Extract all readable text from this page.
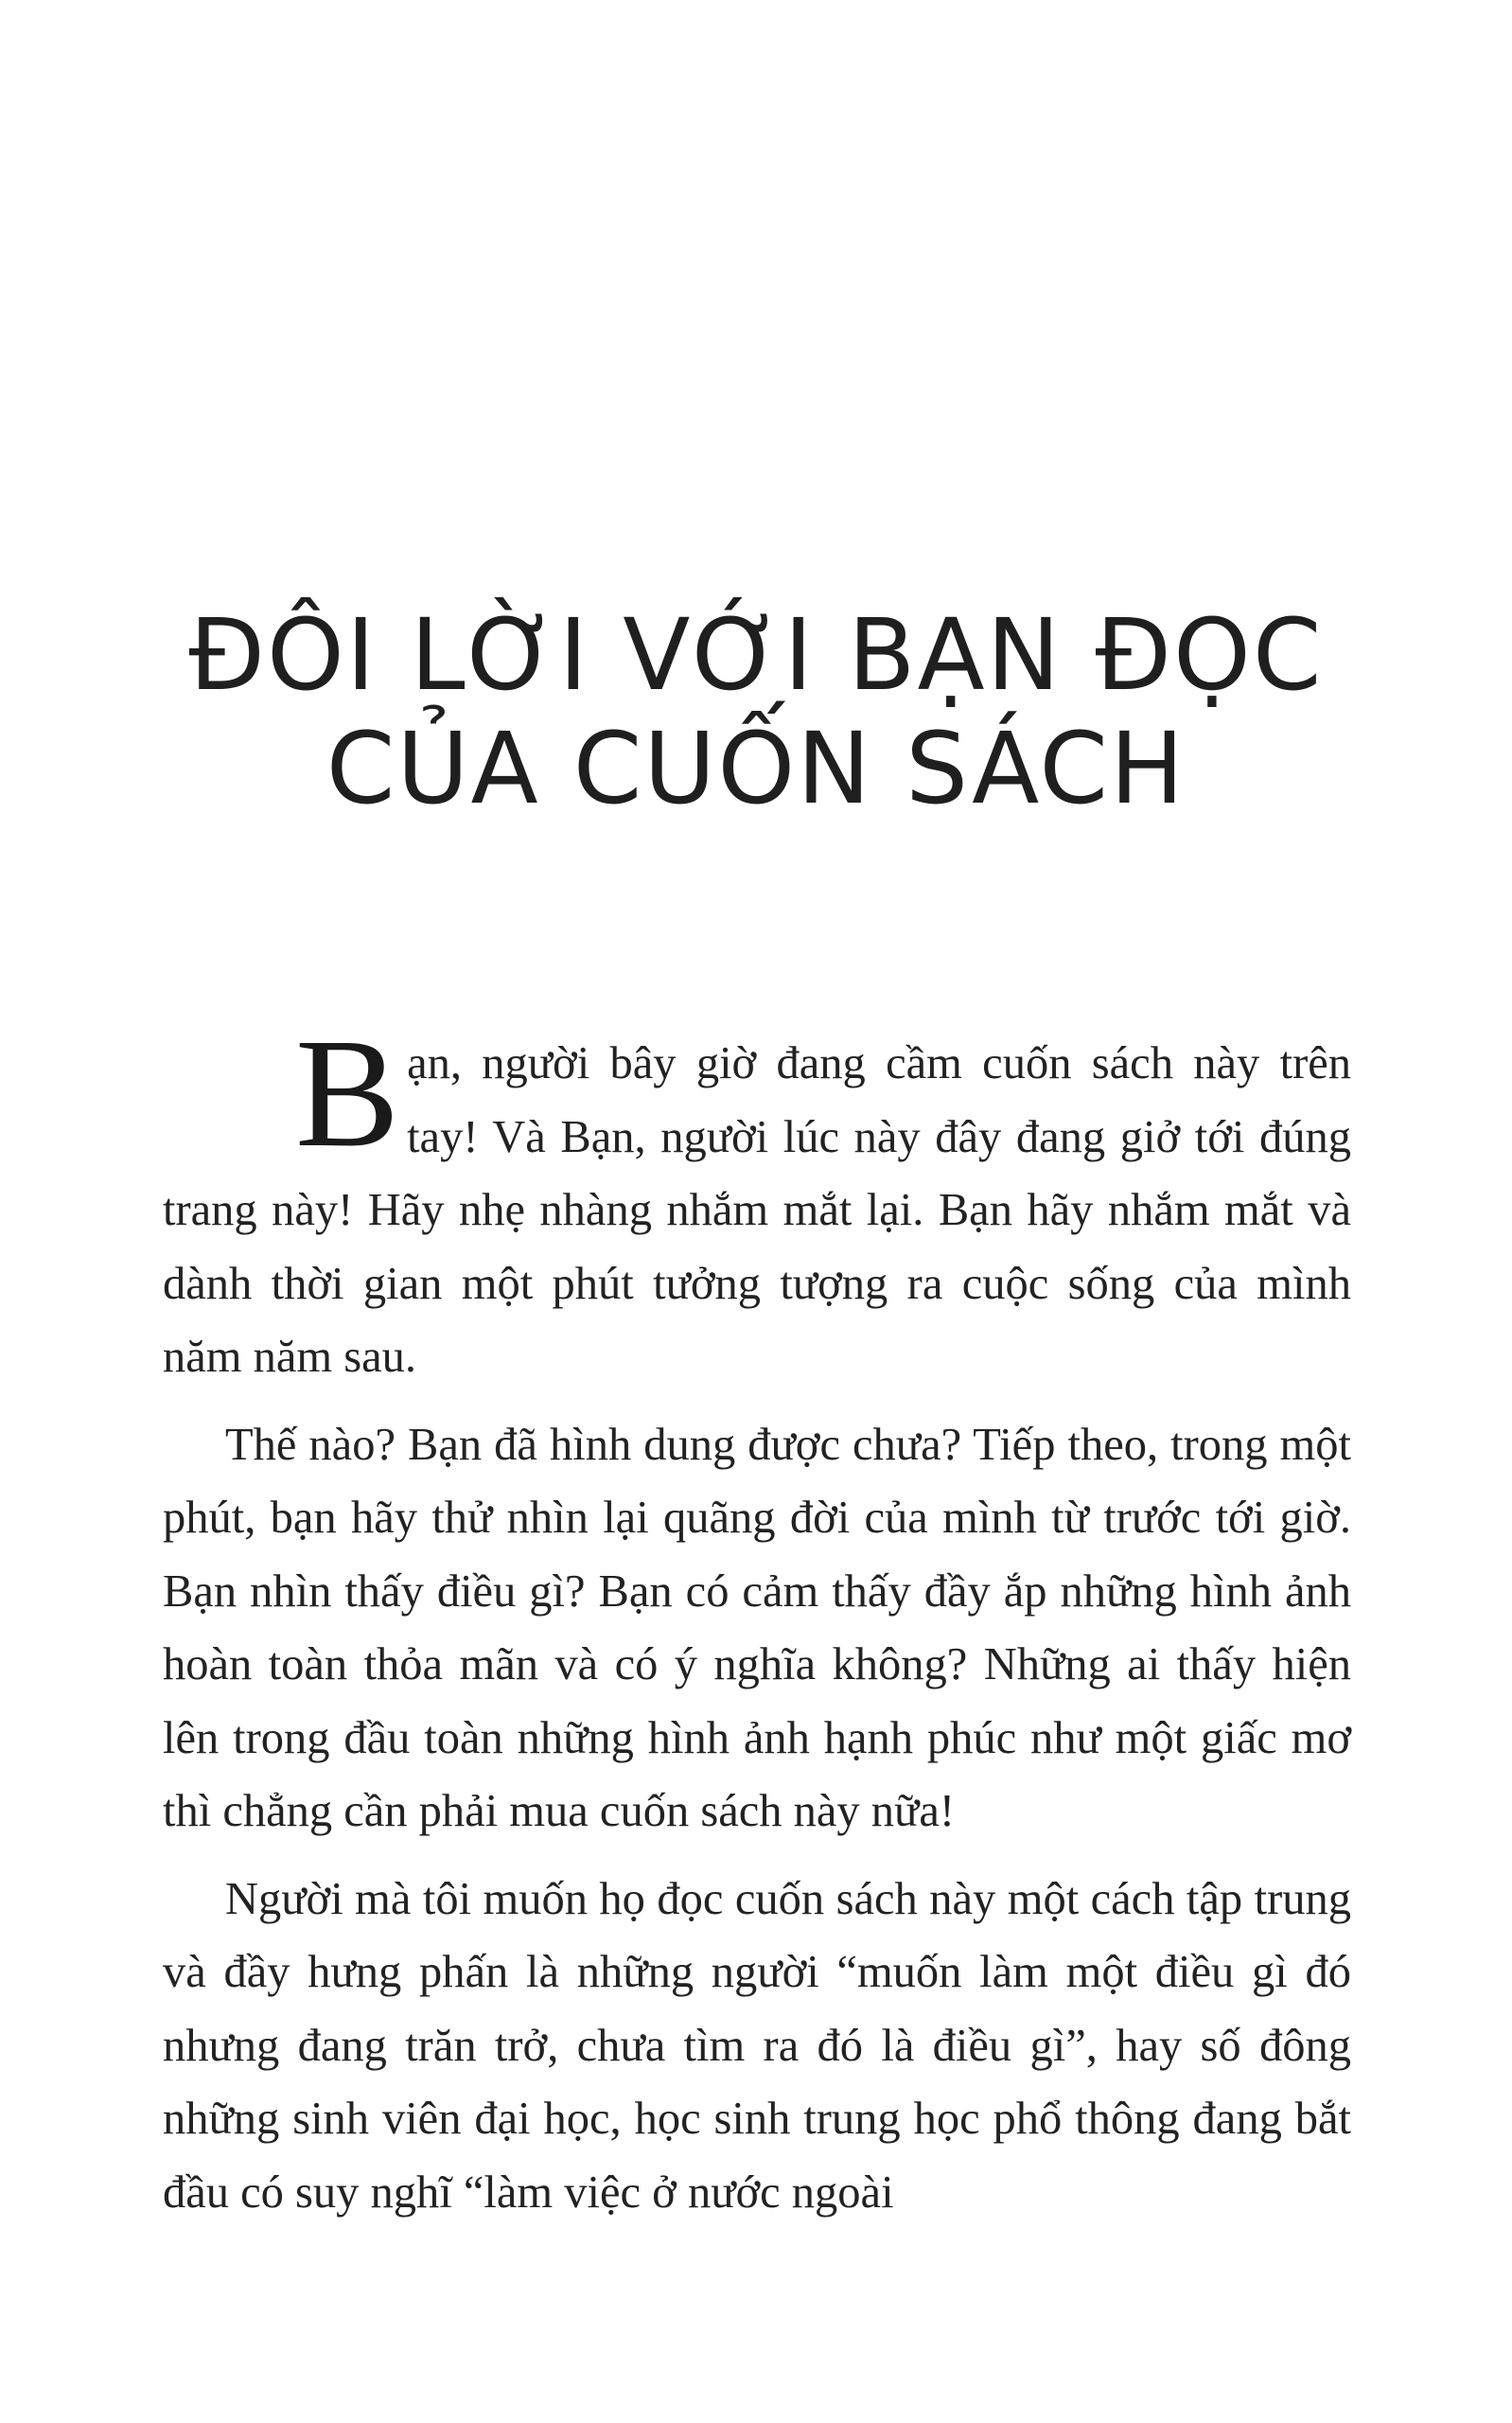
ĐÔI LỜI VỚI BẠN ĐỌC
CỦA CUỐN SÁCH

Bạn, người bây giờ đang cầm cuốn sách này trên tay! Và Bạn, người lúc này đây đang giở tới đúng trang này! Hãy nhẹ nhàng nhắm mắt lại. Bạn hãy nhắm mắt và dành thời gian một phút tưởng tượng ra cuộc sống của mình năm năm sau.

Thế nào? Bạn đã hình dung được chưa? Tiếp theo, trong một phút, bạn hãy thử nhìn lại quãng đời của mình từ trước tới giờ. Bạn nhìn thấy điều gì? Bạn có cảm thấy đầy ắp những hình ảnh hoàn toàn thỏa mãn và có ý nghĩa không? Những ai thấy hiện lên trong đầu toàn những hình ảnh hạnh phúc như một giấc mơ thì chẳng cần phải mua cuốn sách này nữa!

Người mà tôi muốn họ đọc cuốn sách này một cách tập trung và đầy hưng phấn là những người “muốn làm một điều gì đó nhưng đang trăn trở, chưa tìm ra đó là điều gì”, hay số đông những sinh viên đại học, học sinh trung học phổ thông đang bắt đầu có suy nghĩ “làm việc ở nước ngoài
